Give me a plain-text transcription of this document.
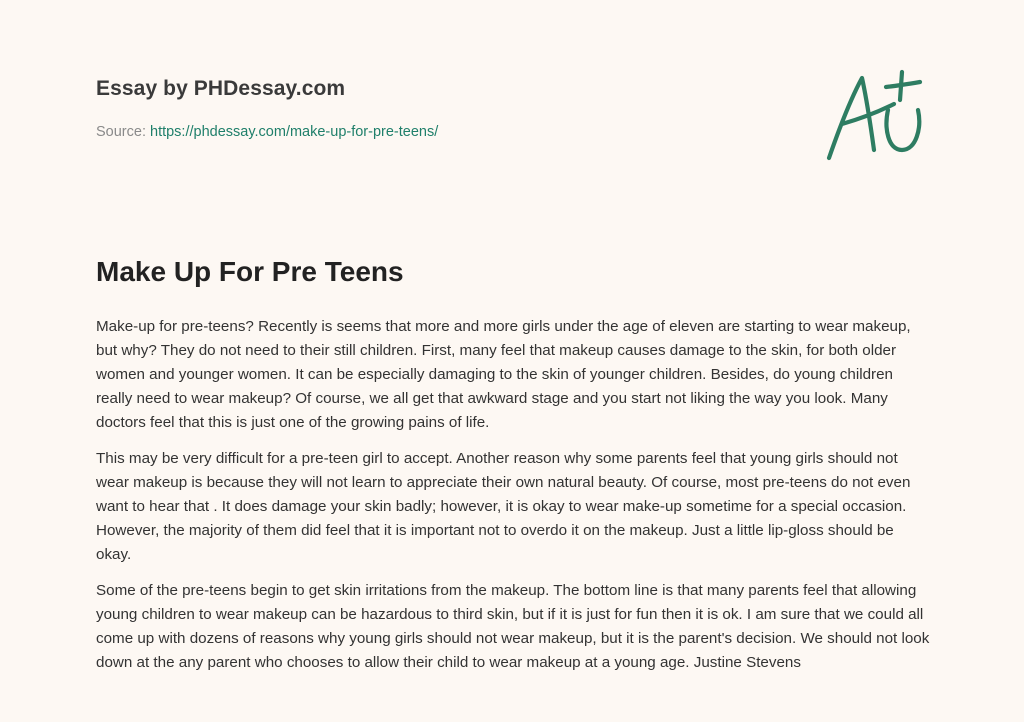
Essay by PHDessay.com
Source: https://phdessay.com/make-up-for-pre-teens/
Make Up For Pre Teens

Make-up for pre-teens? Recently is seems that more and more girls under the age of eleven are starting to wear makeup, but why? They do not need to their still children. First, many feel that makeup causes damage to the skin, for both older women and younger women. It can be especially damaging to the skin of younger children. Besides, do young children really need to wear makeup? Of course, we all get that awkward stage and you start not liking the way you look. Many doctors feel that this is just one of the growing pains of life.

This may be very difficult for a pre-teen girl to accept. Another reason why some parents feel that young girls should not wear makeup is because they will not learn to appreciate their own natural beauty. Of course, most pre-teens do not even want to hear that . It does damage your skin badly; however, it is okay to wear make-up sometime for a special occasion. However, the majority of them did feel that it is important not to overdo it on the makeup. Just a little lip-gloss should be okay.

Some of the pre-teens begin to get skin irritations from the makeup. The bottom line is that many parents feel that allowing young children to wear makeup can be hazardous to third skin, but if it is just for fun then it is ok. I am sure that we could all come up with dozens of reasons why young girls should not wear makeup, but it is the parent's decision. We should not look down at the any parent who chooses to allow their child to wear makeup at a young age. Justine Stevens
